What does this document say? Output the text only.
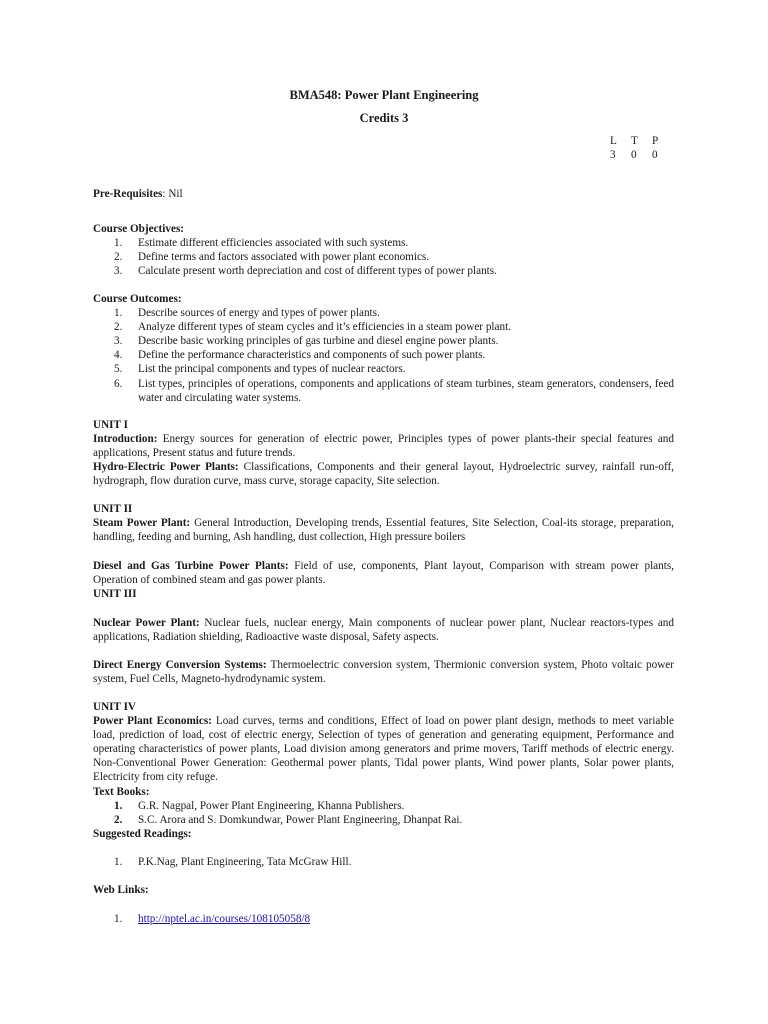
BMA548: Power Plant Engineering
Credits 3
L T P
3 0 0
Pre-Requisites: Nil
Course Objectives:
1. Estimate different efficiencies associated with such systems.
2. Define terms and factors associated with power plant economics.
3. Calculate present worth depreciation and cost of different types of power plants.
Course Outcomes:
1. Describe sources of energy and types of power plants.
2. Analyze different types of steam cycles and it’s efficiencies in a steam power plant.
3. Describe basic working principles of gas turbine and diesel engine power plants.
4. Define the performance characteristics and components of such power plants.
5. List the principal components and types of nuclear reactors.
6. List types, principles of operations, components and applications of steam turbines, steam generators, condensers, feed water and circulating water systems.
UNIT I
Introduction: Energy sources for generation of electric power, Principles types of power plants-their special features and applications, Present status and future trends.
Hydro-Electric Power Plants: Classifications, Components and their general layout, Hydroelectric survey, rainfall run-off, hydrograph, flow duration curve, mass curve, storage capacity, Site selection.
UNIT II
Steam Power Plant: General Introduction, Developing trends, Essential features, Site Selection, Coal-its storage, preparation, handling, feeding and burning, Ash handling, dust collection, High pressure boilers
Diesel and Gas Turbine Power Plants: Field of use, components, Plant layout, Comparison with stream power plants, Operation of combined steam and gas power plants.
UNIT III
Nuclear Power Plant: Nuclear fuels, nuclear energy, Main components of nuclear power plant, Nuclear reactors-types and applications, Radiation shielding, Radioactive waste disposal, Safety aspects.
Direct Energy Conversion Systems: Thermoelectric conversion system, Thermionic conversion system, Photo voltaic power system, Fuel Cells, Magneto-hydrodynamic system.
UNIT IV
Power Plant Economics: Load curves, terms and conditions, Effect of load on power plant design, methods to meet variable load, prediction of load, cost of electric energy, Selection of types of generation and generating equipment, Performance and operating characteristics of power plants, Load division among generators and prime movers, Tariff methods of electric energy. Non-Conventional Power Generation: Geothermal power plants, Tidal power plants, Wind power plants, Solar power plants, Electricity from city refuge.
Text Books:
1. G.R. Nagpal, Power Plant Engineering, Khanna Publishers.
2. S.C. Arora and S. Domkundwar, Power Plant Engineering, Dhanpat Rai.
Suggested Readings:
1. P.K.Nag, Plant Engineering, Tata McGraw Hill.
Web Links:
1. http://nptel.ac.in/courses/108105058/8
